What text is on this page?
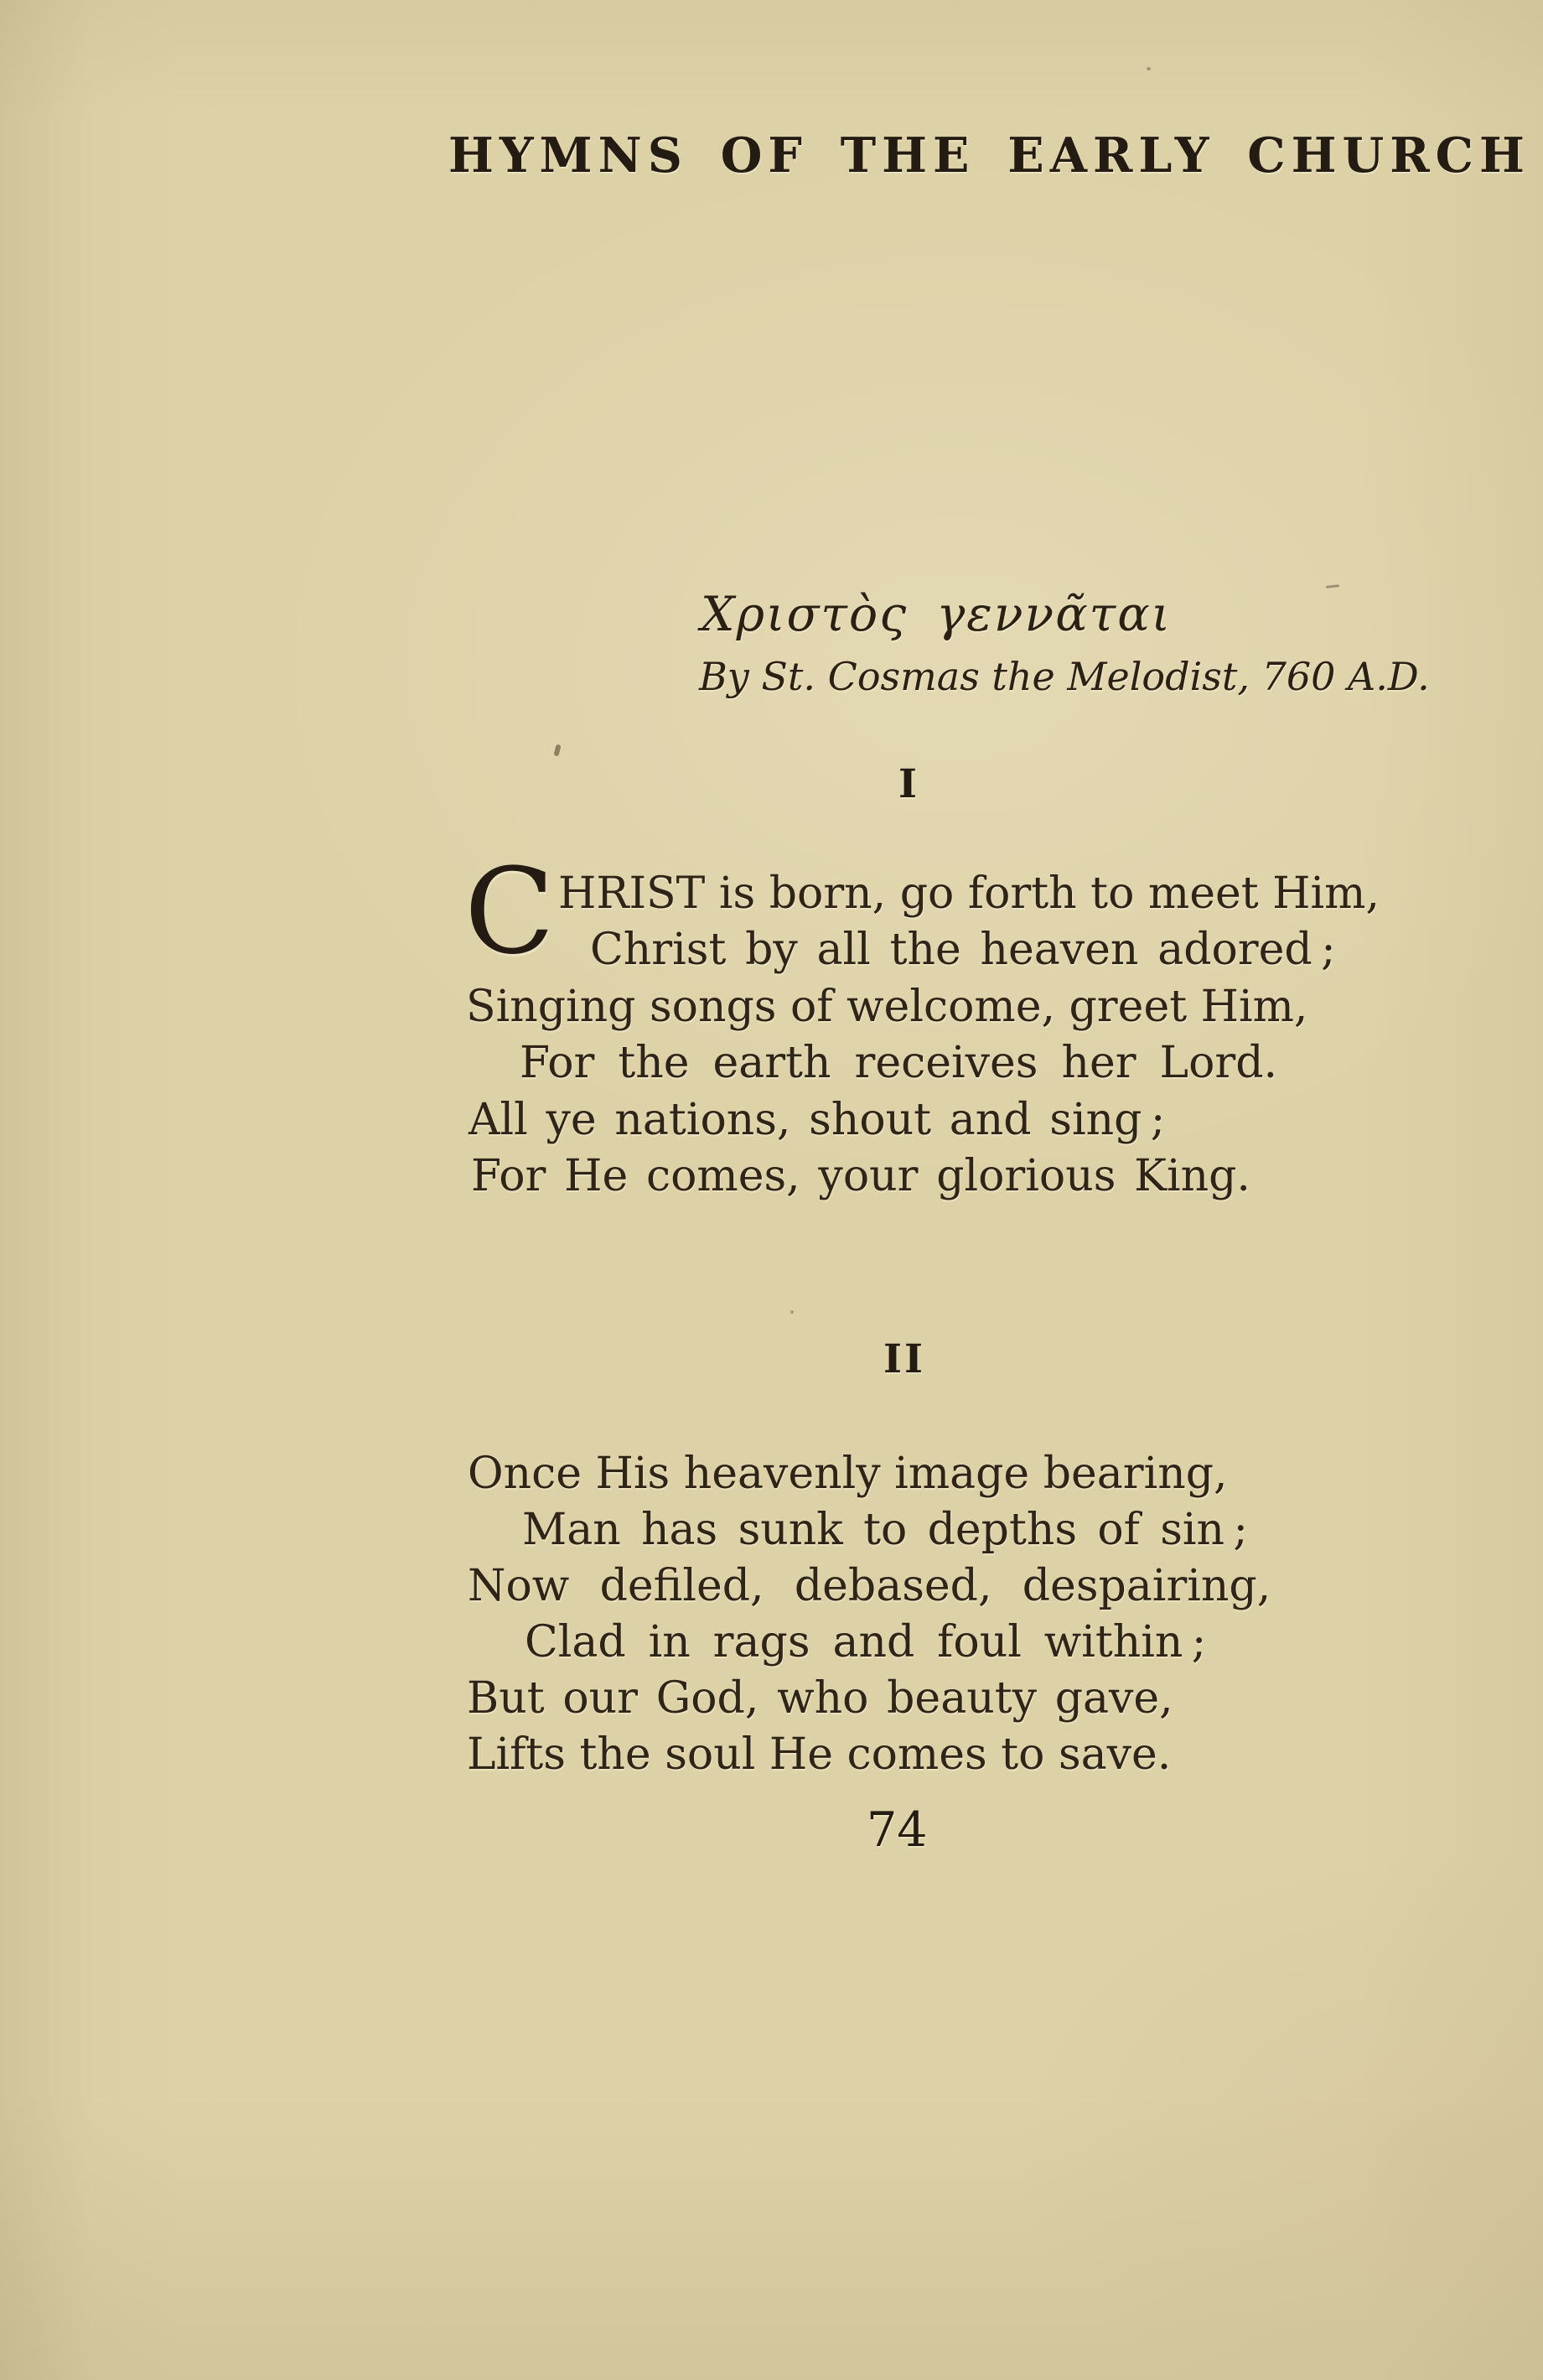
HYMNS OF THE EARLY CHURCH
Χριστὸς γεννᾶται
By St. Cosmas the Melodist, 760 A.D.
I
C HRIST is born, go forth to meet Him,
Christ by all the heaven adored ;
Singing songs of welcome, greet Him,
For the earth receives her Lord.
All ye nations, shout and sing ;
For He comes, your glorious King.
II
Once His heavenly image bearing,
Man has sunk to depths of sin ;
Now defiled, debased, despairing,
Clad in rags and foul within ;
But our God, who beauty gave,
Lifts the soul He comes to save.
74
